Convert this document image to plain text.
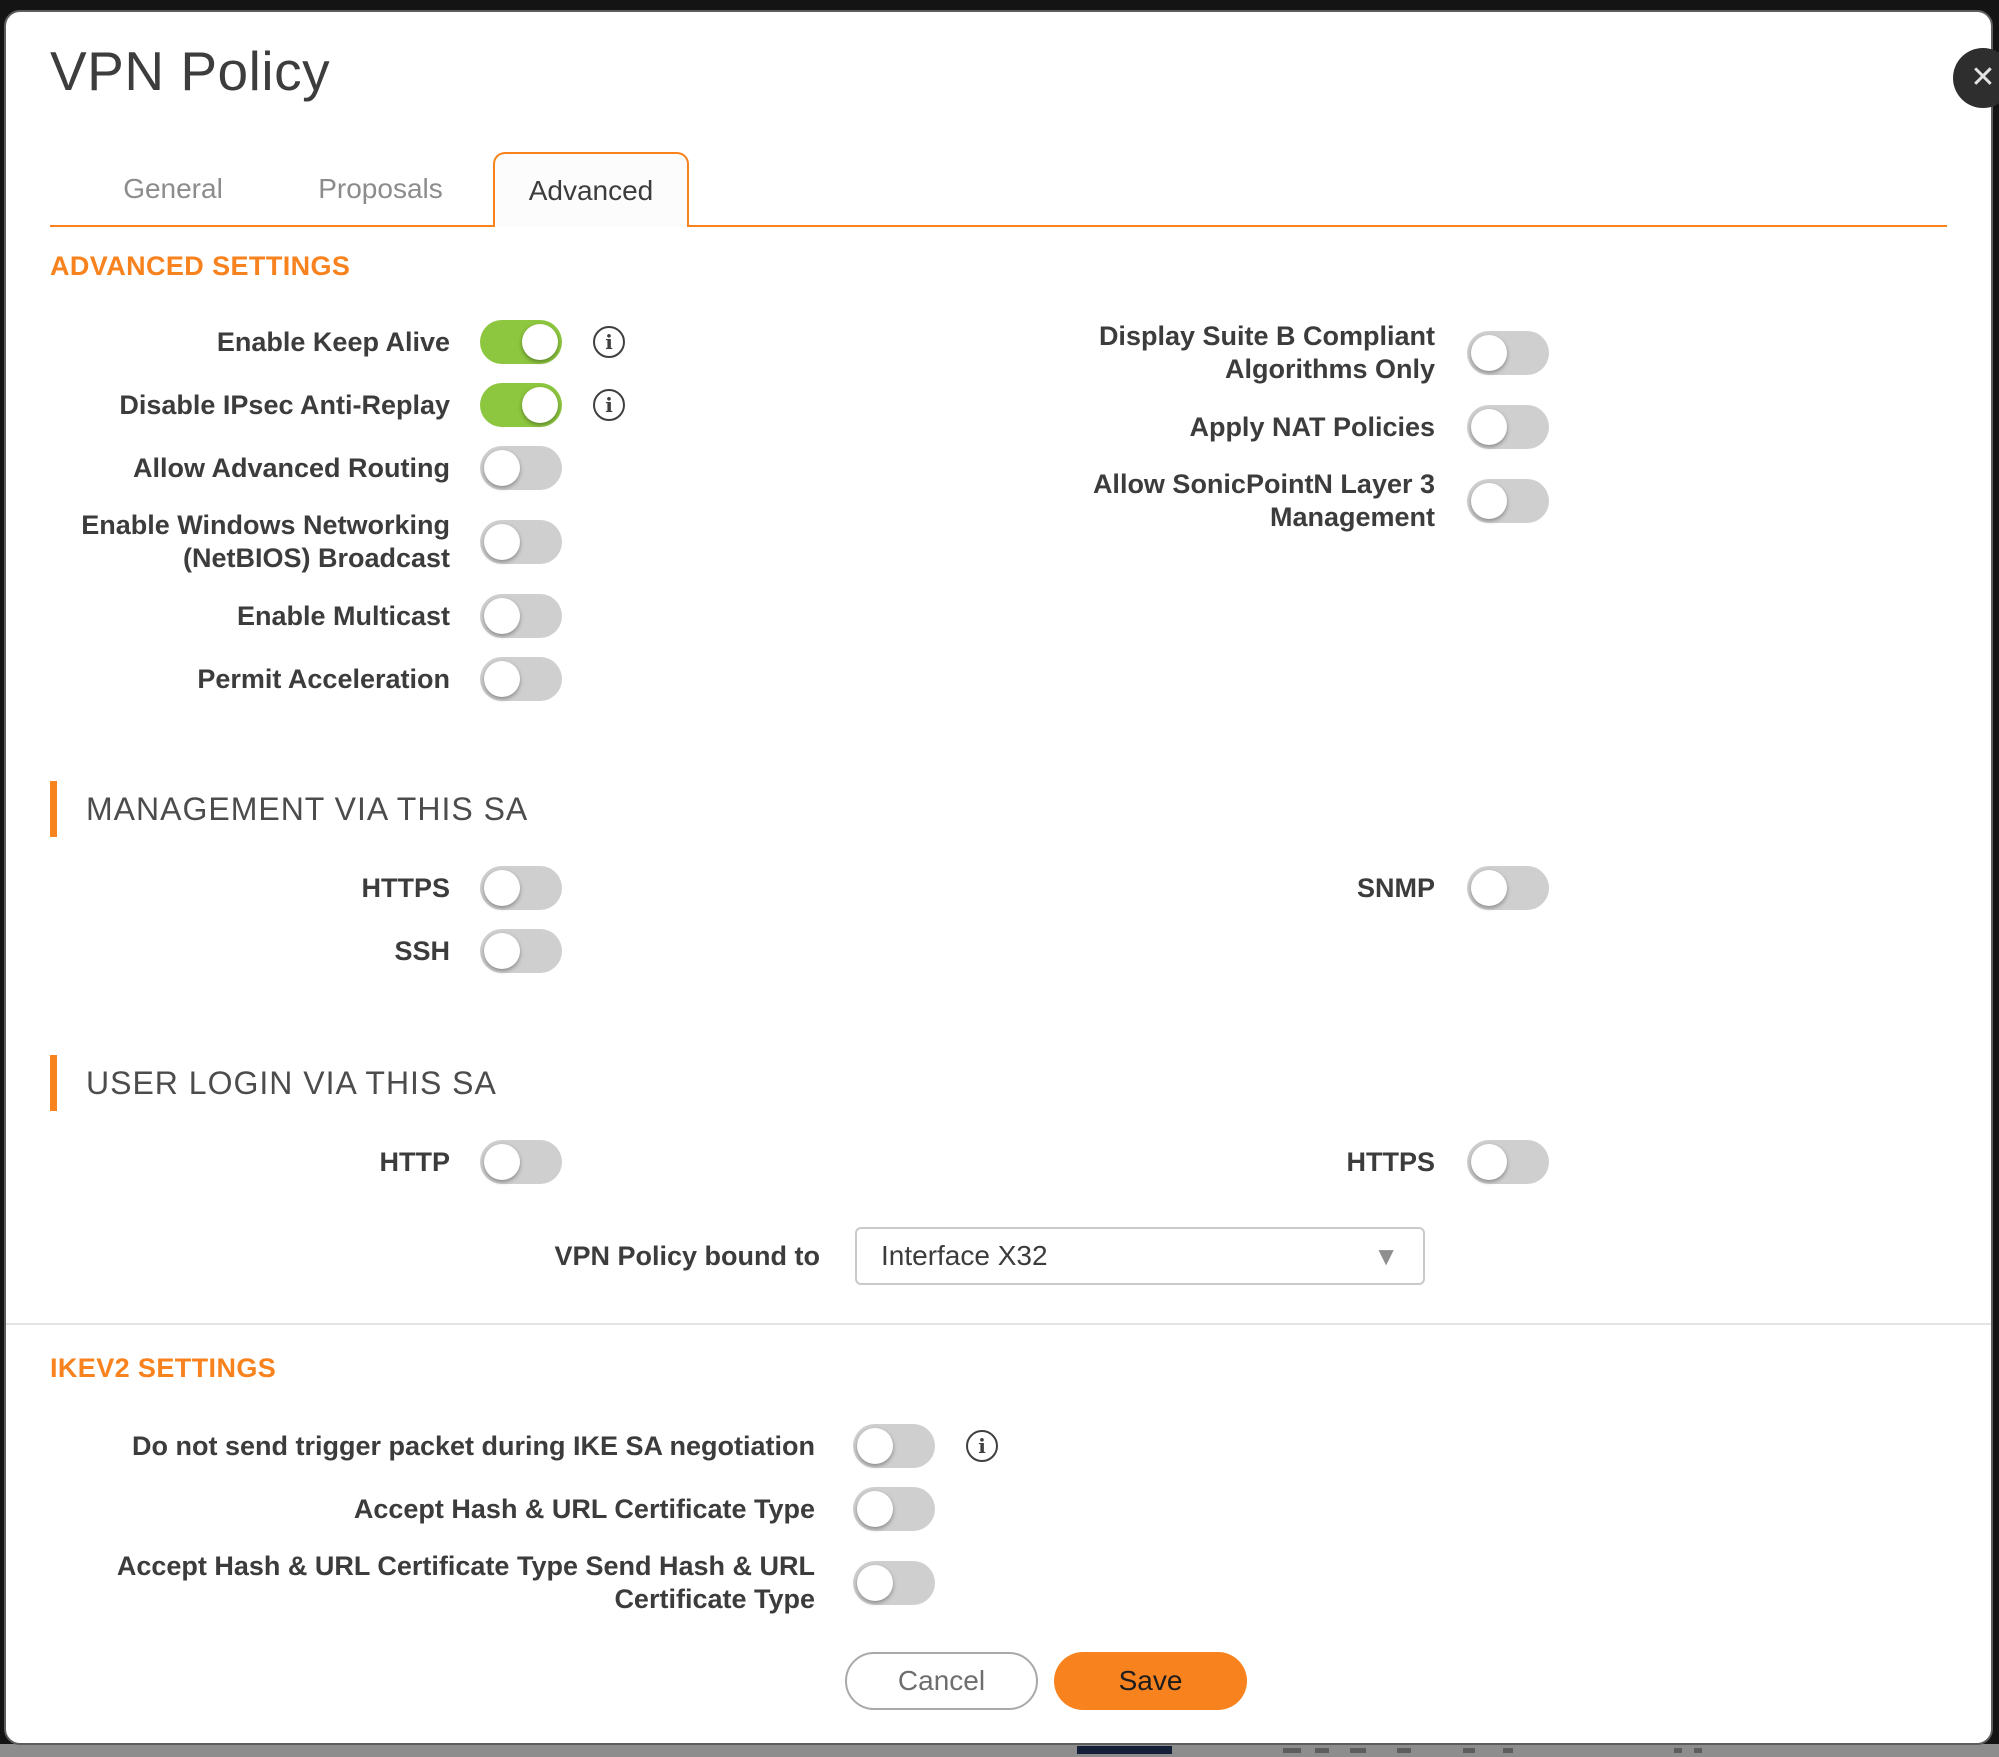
✕
VPN Policy
General	Proposals	Advanced
ADVANCED SETTINGS
Enable Keep Alive	i
Disable IPsec Anti-Replay	i
Allow Advanced Routing
Enable Windows Networking (NetBIOS) Broadcast
Enable Multicast
Permit Acceleration
Display Suite B Compliant Algorithms Only
Apply NAT Policies
Allow SonicPointN Layer 3 Management
MANAGEMENT VIA THIS SA
HTTPS
SSH
SNMP
USER LOGIN VIA THIS SA
HTTP	HTTPS
VPN Policy bound to Interface X32	▼
IKEV2 SETTINGS
Do not send trigger packet during IKE SA negotiation	i
Accept Hash & URL Certificate Type
Accept Hash & URL Certificate Type Send Hash & URL Certificate Type
Cancel	Save
